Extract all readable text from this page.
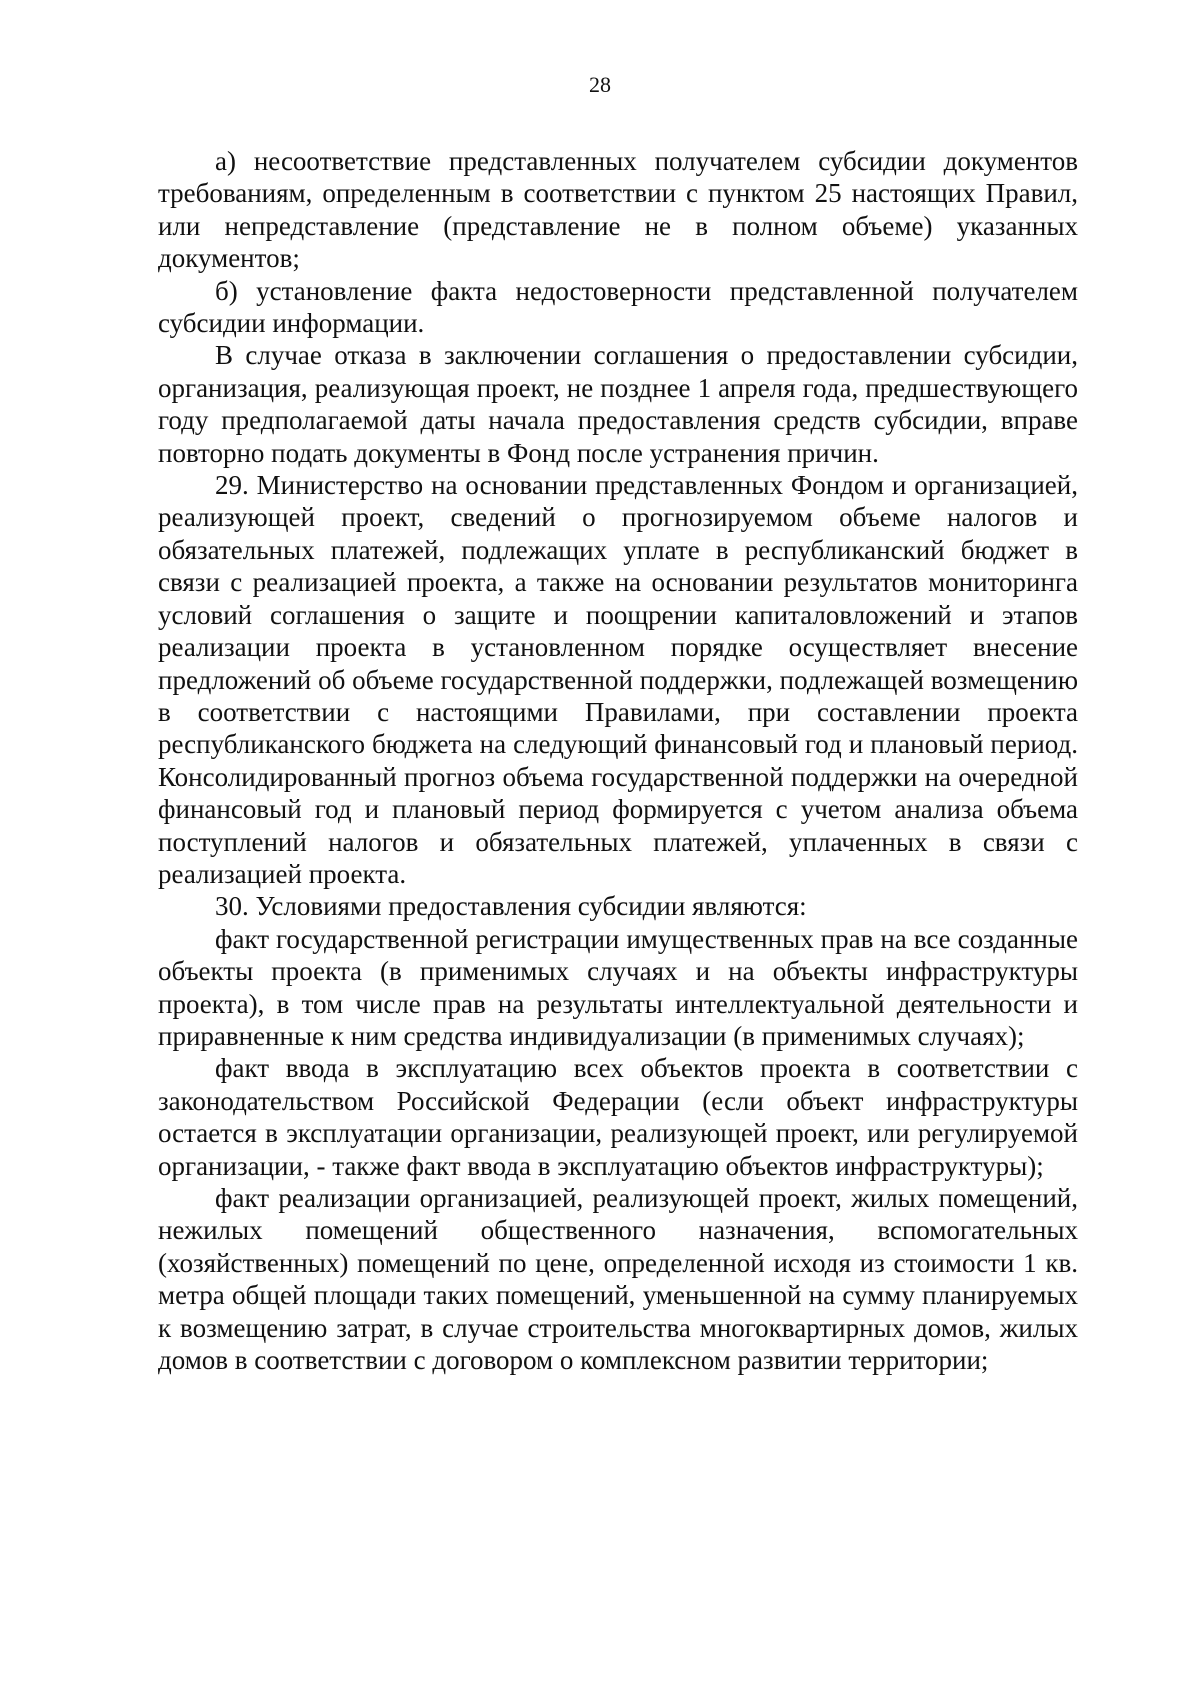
28

а) несоответствие представленных получателем субсидии документов требованиям, определенным в соответствии с пунктом 25 настоящих Правил, или непредставление (представление не в полном объеме) указанных документов;

б) установление факта недостоверности представленной получателем субсидии информации.

В случае отказа в заключении соглашения о предоставлении субсидии, организация, реализующая проект, не позднее 1 апреля года, предшествующего году предполагаемой даты начала предоставления средств субсидии, вправе повторно подать документы в Фонд после устранения причин.

29. Министерство на основании представленных Фондом и организацией, реализующей проект, сведений о прогнозируемом объеме налогов и обязательных платежей, подлежащих уплате в республиканский бюджет в связи с реализацией проекта, а также на основании результатов мониторинга условий соглашения о защите и поощрении капиталовложений и этапов реализации проекта в установленном порядке осуществляет внесение предложений об объеме государственной поддержки, подлежащей возмещению в соответствии с настоящими Правилами, при составлении проекта республиканского бюджета на следующий финансовый год и плановый период. Консолидированный прогноз объема государственной поддержки на очередной финансовый год и плановый период формируется с учетом анализа объема поступлений налогов и обязательных платежей, уплаченных в связи с реализацией проекта.

30. Условиями предоставления субсидии являются:

факт государственной регистрации имущественных прав на все созданные объекты проекта (в применимых случаях и на объекты инфраструктуры проекта), в том числе прав на результаты интеллектуальной деятельности и приравненные к ним средства индивидуализации (в применимых случаях);

факт ввода в эксплуатацию всех объектов проекта в соответствии с законодательством Российской Федерации (если объект инфраструктуры остается в эксплуатации организации, реализующей проект, или регулируемой организации, - также факт ввода в эксплуатацию объектов инфраструктуры);

факт реализации организацией, реализующей проект, жилых помещений, нежилых помещений общественного назначения, вспомогательных (хозяйственных) помещений по цене, определенной исходя из стоимости 1 кв. метра общей площади таких помещений, уменьшенной на сумму планируемых к возмещению затрат, в случае строительства многоквартирных домов, жилых домов в соответствии с договором о комплексном развитии территории;
